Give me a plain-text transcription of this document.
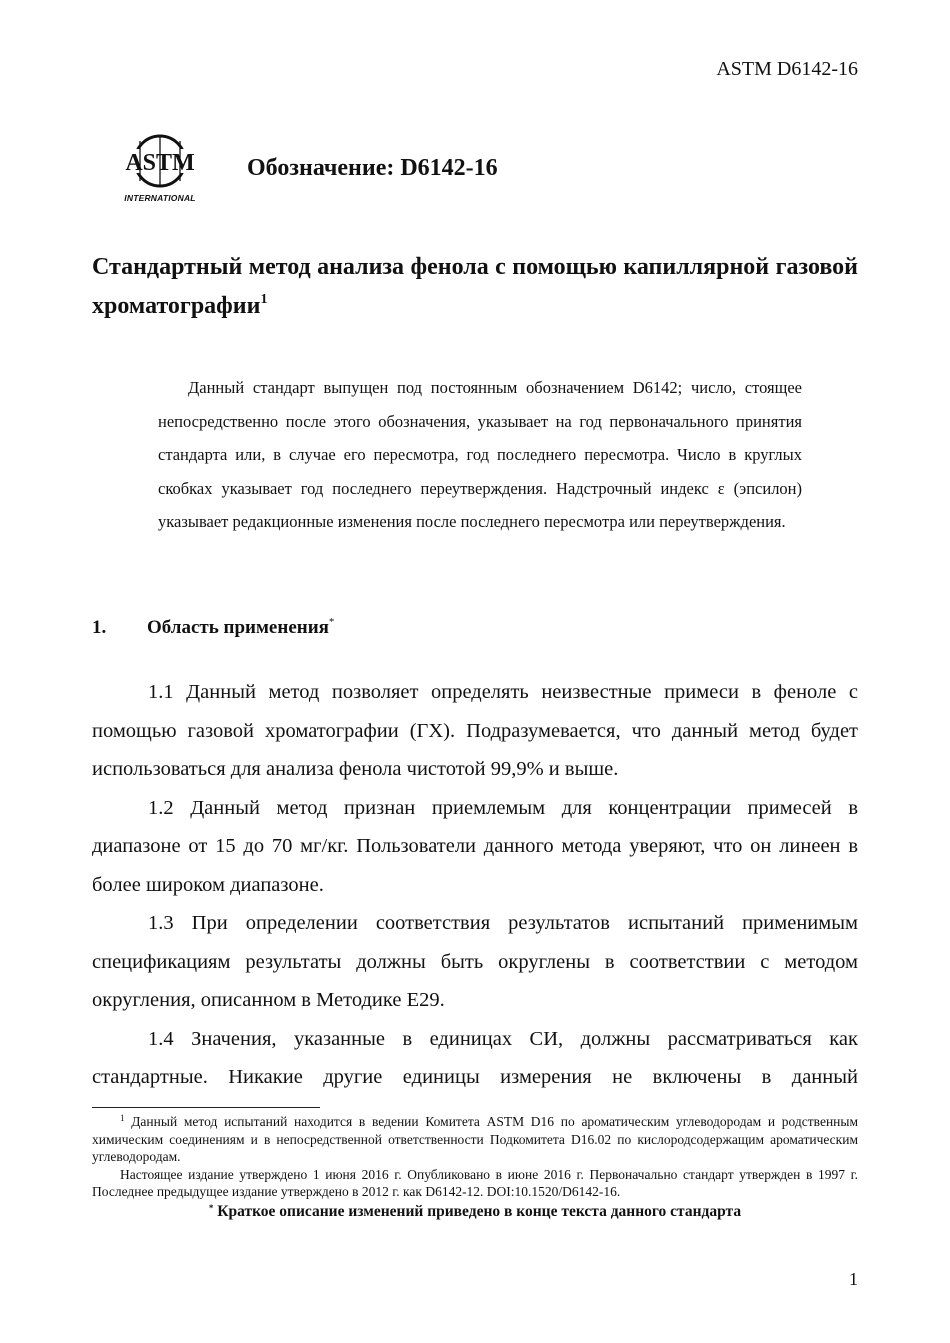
ASTM D6142-16
ASTM
INTERNATIONAL
Обозначение: D6142-16
Стандартный метод анализа фенола с помощью капиллярной газовой хроматографии$^1$
Данный стандарт выпущен под постоянным обозначением D6142; число, стоящее непосредственно после этого обозначения, указывает на год первоначального принятия стандарта или, в случае его пересмотра, год последнего пересмотра. Число в круглых скобках указывает год последнего переутверждения. Надстрочный индекс ε (эпсилон) указывает редакционные изменения после последнего пересмотра или переутверждения.
1. Область применения*

1.1 Данный метод позволяет определять неизвестные примеси в феноле с помощью газовой хроматографии (ГХ). Подразумевается, что данный метод будет использоваться для анализа фенола чистотой 99,9% и выше.

1.2 Данный метод признан приемлемым для концентрации примесей в диапазоне от 15 до 70 мг/кг. Пользователи данного метода уверяют, что он линеен в более широком диапазоне.

1.3 При определении соответствия результатов испытаний применимым спецификациям результаты должны быть округлены в соответствии с методом округления, описанном в Методике E29.

1.4 Значения, указанные в единицах СИ, должны рассматриваться как стандартные. Никакие другие единицы измерения не включены в данный

$^1$ Данный метод испытаний находится в ведении Комитета ASTM D16 по ароматическим углеводородам и родственным химическим соединениям и в непосредственной ответственности Подкомитета D16.02 по кислородсодержащим ароматическим углеводородам.

Настоящее издание утверждено 1 июня 2016 г. Опубликовано в июне 2016 г. Первоначально стандарт утвержден в 1997 г. Последнее предыдущее издание утверждено в 2012 г. как D6142-12. DOI:10.1520/D6142-16.

* Краткое описание изменений приведено в конце текста данного стандарта

1
